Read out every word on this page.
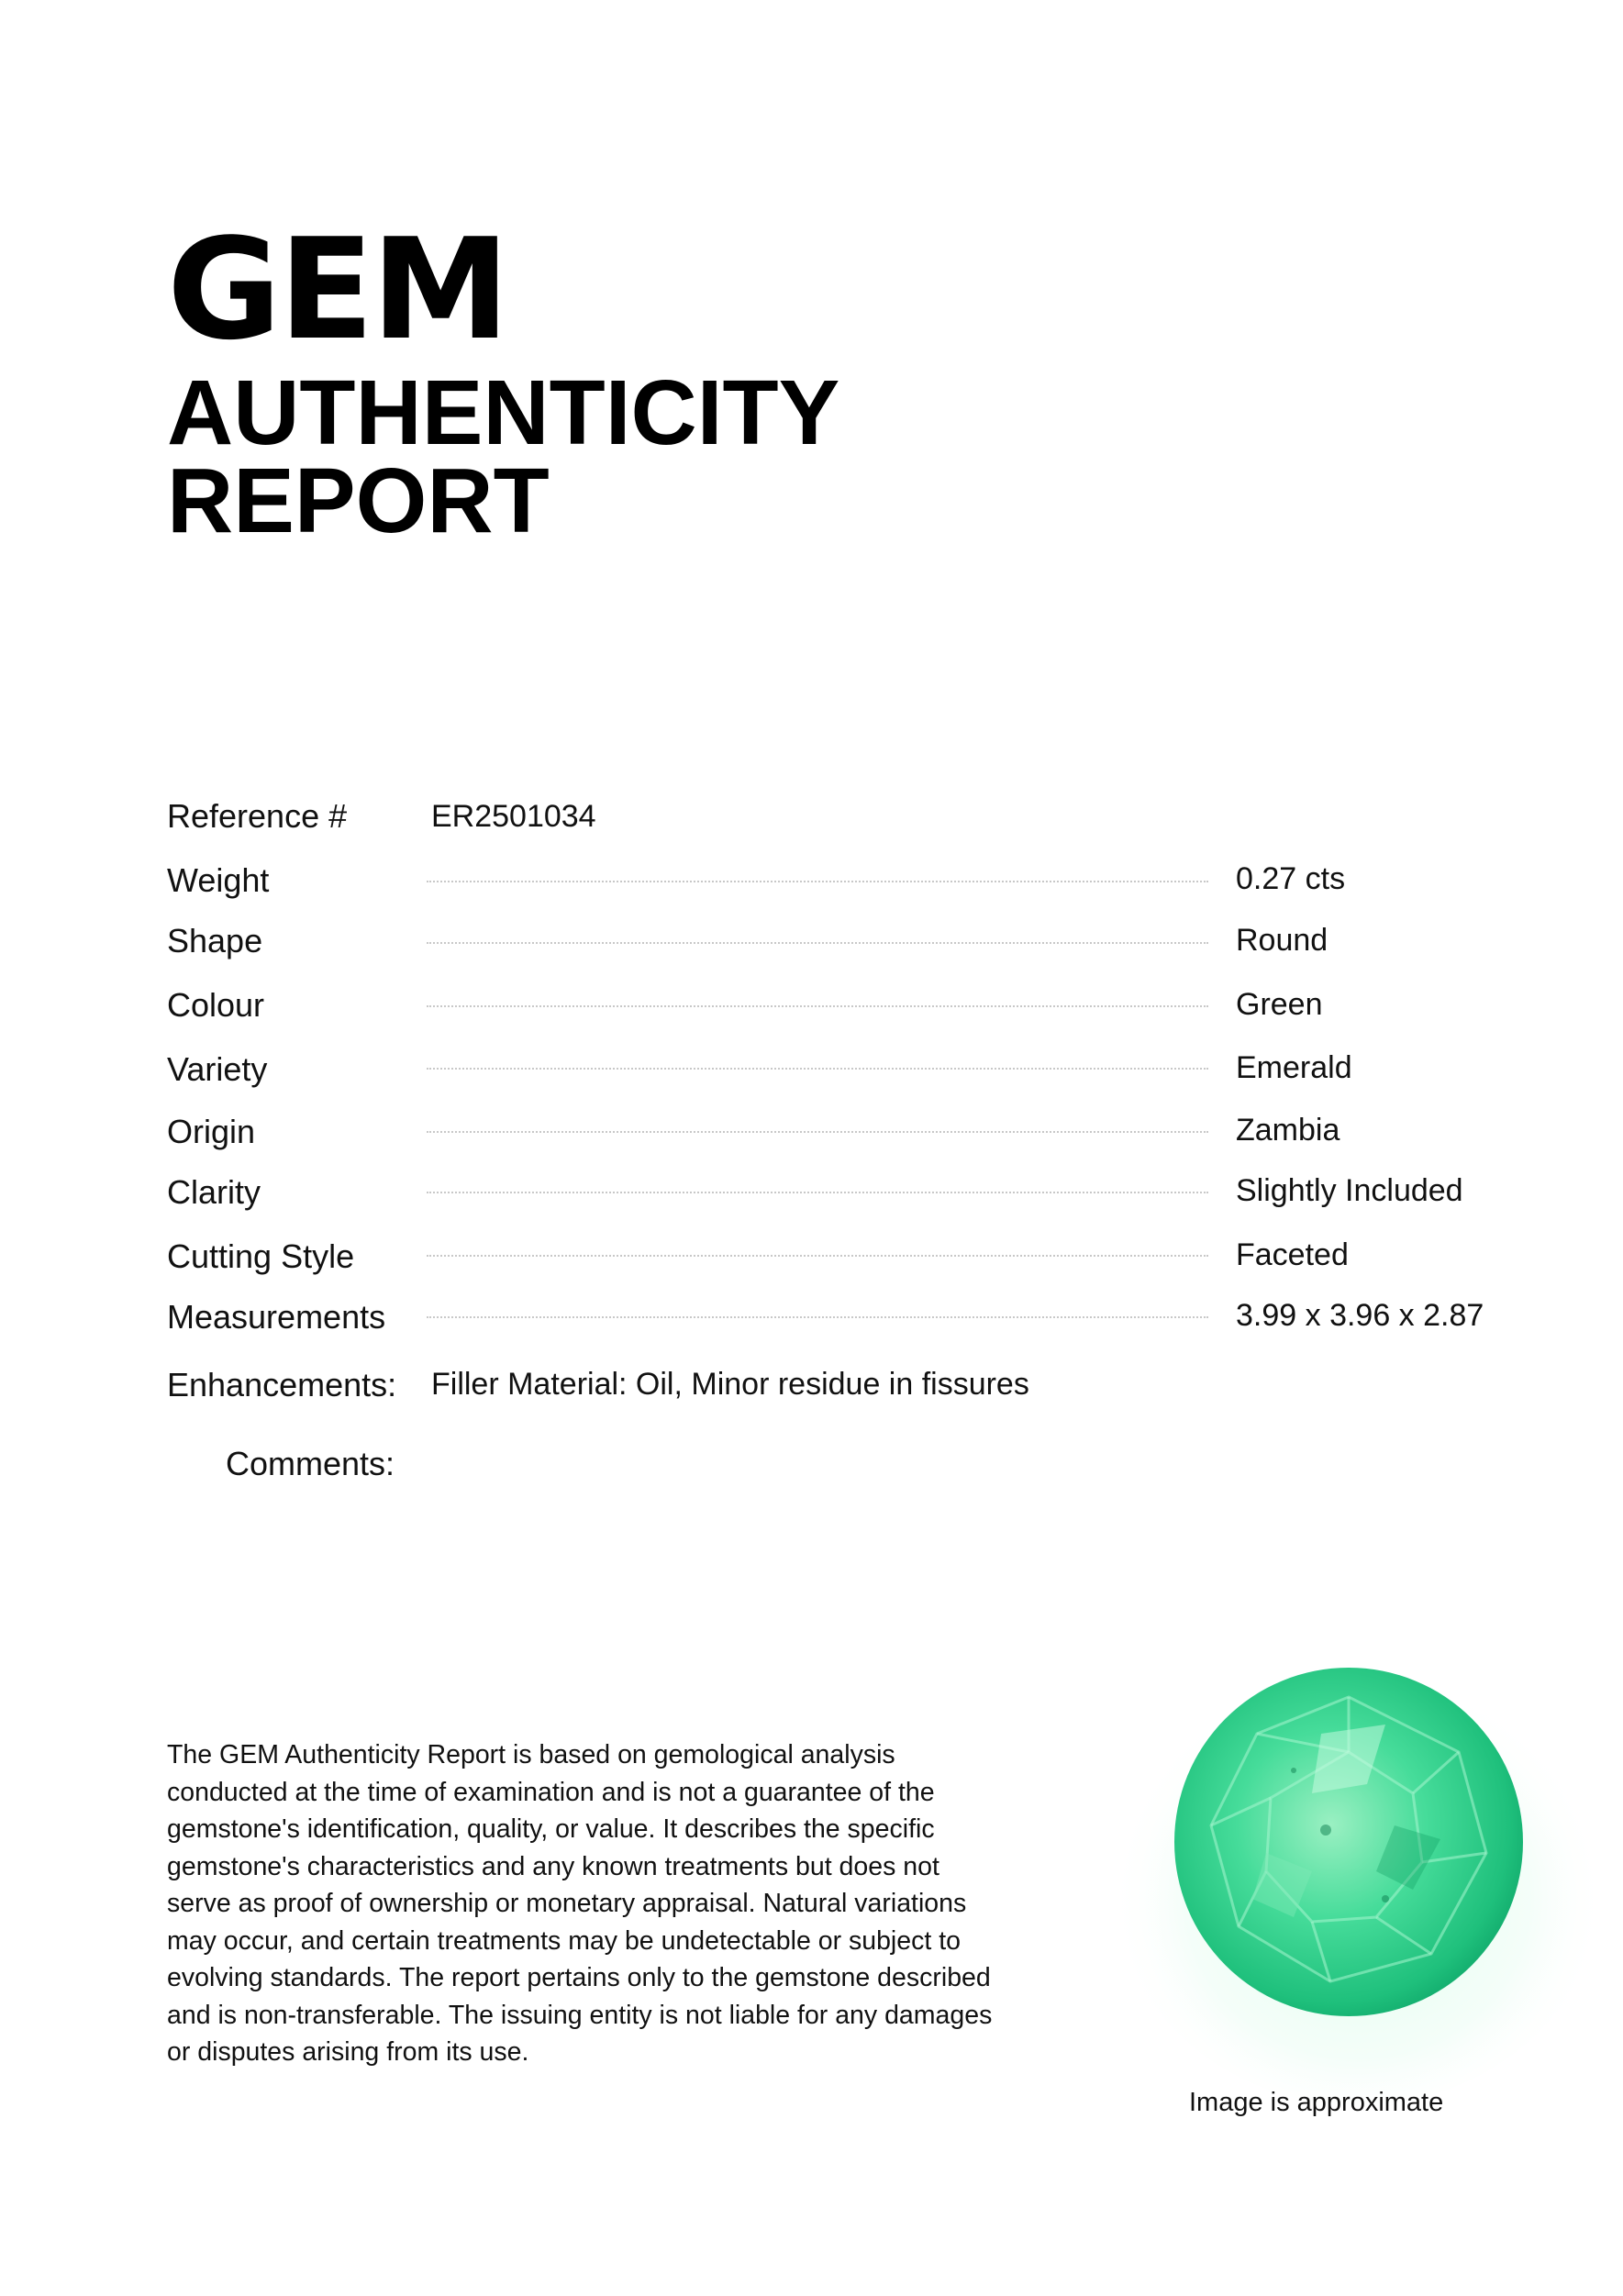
GEM
AUTHENTICITY
REPORT
Reference #	ER2501034
Weight	0.27 cts
Shape	Round
Colour	Green
Variety	Emerald
Origin	Zambia
Clarity	Slightly Included
Cutting Style	Faceted
Measurements	3.99 x 3.96 x 2.87
Enhancements: Filler Material: Oil, Minor residue in fissures
Comments:

The GEM Authenticity Report is based on gemological analysis conducted at the time of examination and is not a guarantee of the gemstone's identification, quality, or value. It describes the specific gemstone's characteristics and any known treatments but does not serve as proof of ownership or monetary appraisal. Natural variations may occur, and certain treatments may be undetectable or subject to evolving standards. The report pertains only to the gemstone described and is non-transferable. The issuing entity is not liable for any damages or disputes arising from its use.

Image is approximate
